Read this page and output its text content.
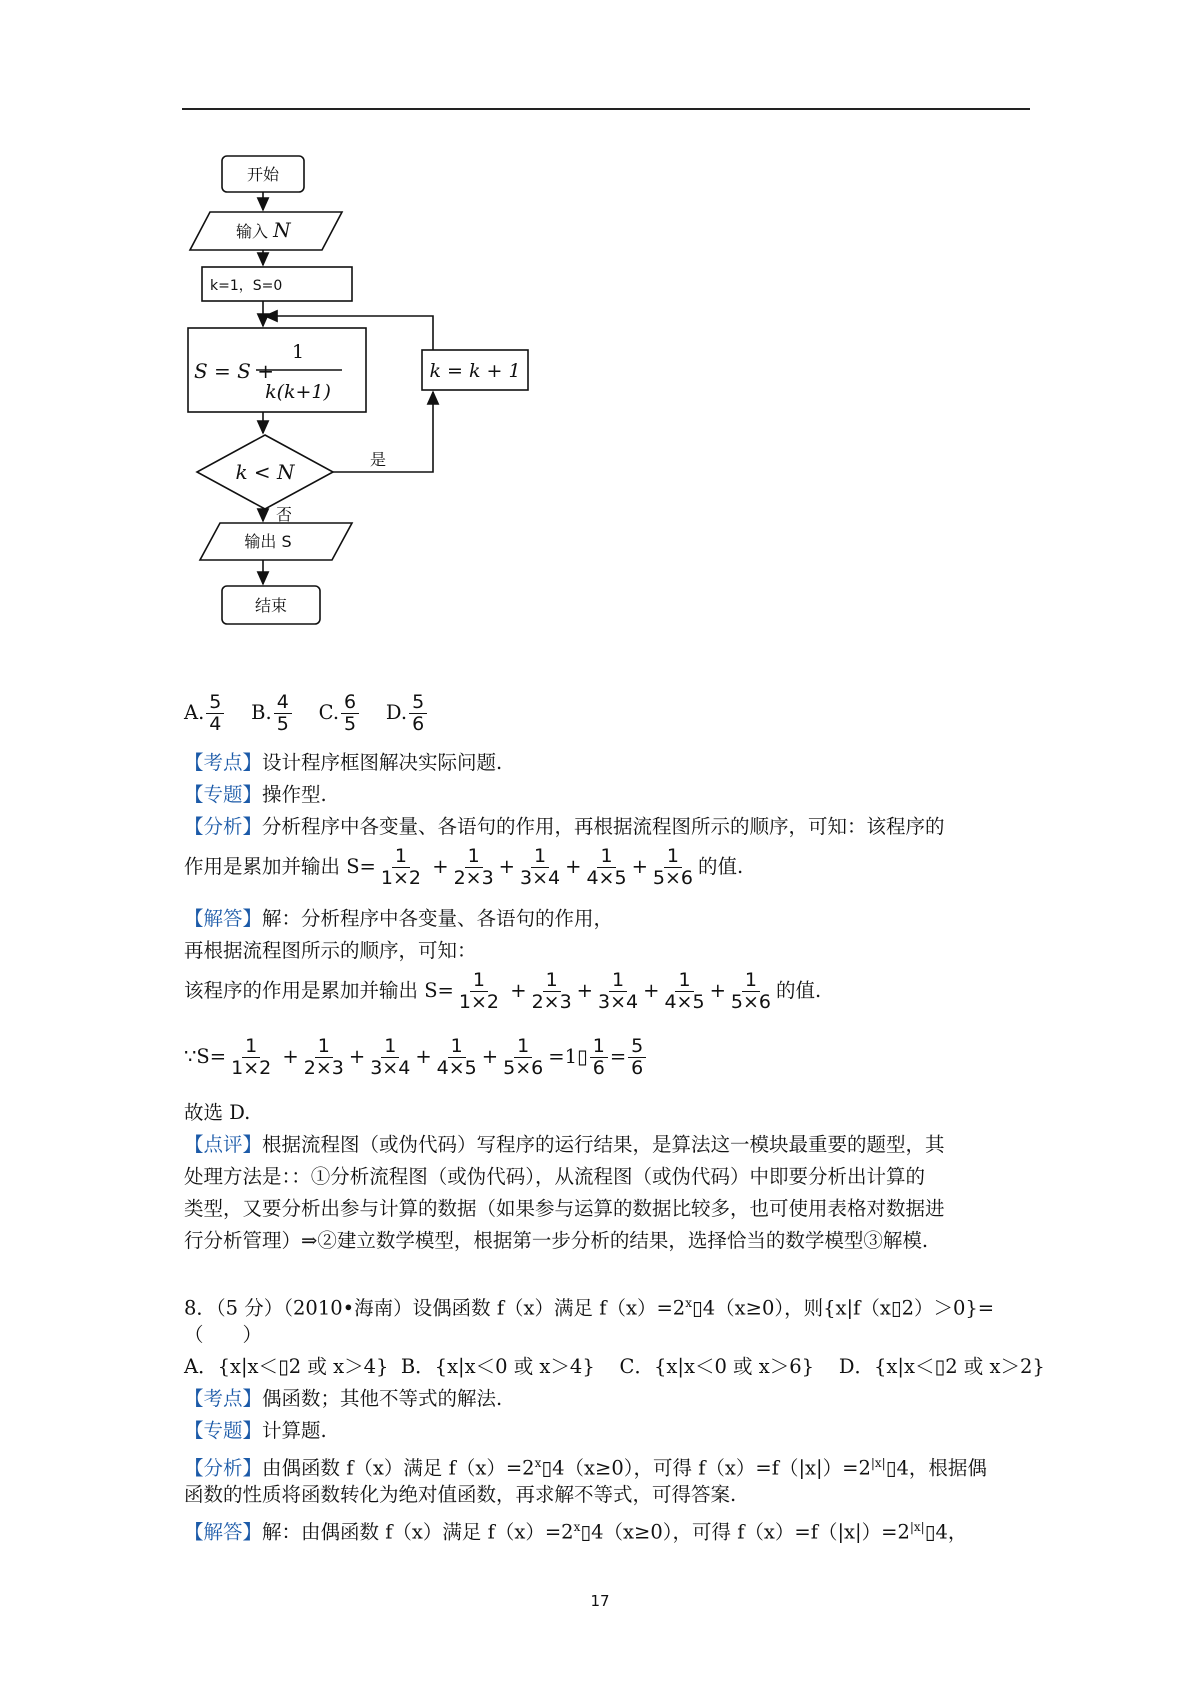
开始
输入 N
k=1，S=0
S = S +
1
k(k+1)
k = k + 1
k < N
是
否
输出 S
结束
A. $\frac{5}{4} B$. $\frac{4}{5} C$. $\frac{6}{5} D$. $\frac{5}{6}$
【考点】设计程序框图解决实际问题.
【专题】操作型.
【分析】分析程序中各变量、各语句的作用，再根据流程图所示的顺序，可知：该程序的
作用是累加并输出 $S= \frac{1}{1\times 2} + \frac{1}{2\times 3} + \frac{1}{3\times 4} + \frac{1}{4\times 5} + \frac{1}{5\times 6}$ 的值.
【解答】解：分析程序中各变量、各语句的作用，
再根据流程图所示的顺序，可知：
该程序的作用是累加并输出 $S= \frac{1}{1\times 2} + \frac{1}{2\times 3} + \frac{1}{3\times 4} + \frac{1}{4\times 5} + \frac{1}{5\times 6}$ 的值.
∵S= $\frac{1}{1\times 2} + \frac{1}{2\times 3} + \frac{1}{3\times 4} + \frac{1}{4\times 5} + \frac{1}{5\times 6}$ =1▯ $\frac{1}{6} = \frac{5}{6}$
故选 D.
【点评】根据流程图（或伪代码）写程序的运行结果，是算法这一模块最重要的题型，其
处理方法是：：①分析流程图（或伪代码），从流程图（或伪代码）中即要分析出计算的
类型，又要分析出参与计算的数据（如果参与运算的数据比较多，也可使用表格对数据进
行分析管理）⇒②建立数学模型，根据第一步分析的结果，选择恰当的数学模型③解模.
8．（5 分）（2010•海南）设偶函数 f（x）满足 $f(x)=2^x▯4(x\ge 0)$，则{x|f（x▯2）＞0}=
（　　）
A．{x|x＜▯2 或 x＞4} B．{x|x＜0 或 x＞4} C．{x|x＜0 或 x＞6} D．{x|x＜▯2 或 x＞2}
【考点】偶函数；其他不等式的解法.
【专题】计算题.
【分析】由偶函数 f（x）满足 $f(x)=2^x▯4(x\ge 0)$，可得 $f(x)=f(|x|)=2^{|x|}▯4$，根据偶
函数的性质将函数转化为绝对值函数，再求解不等式，可得答案.
【解答】解：由偶函数 f（x）满足 $f(x)=2^x▯4(x\ge 0)$，可得 $f(x)=f(|x|)=2^{|x|}▯4$，
17
